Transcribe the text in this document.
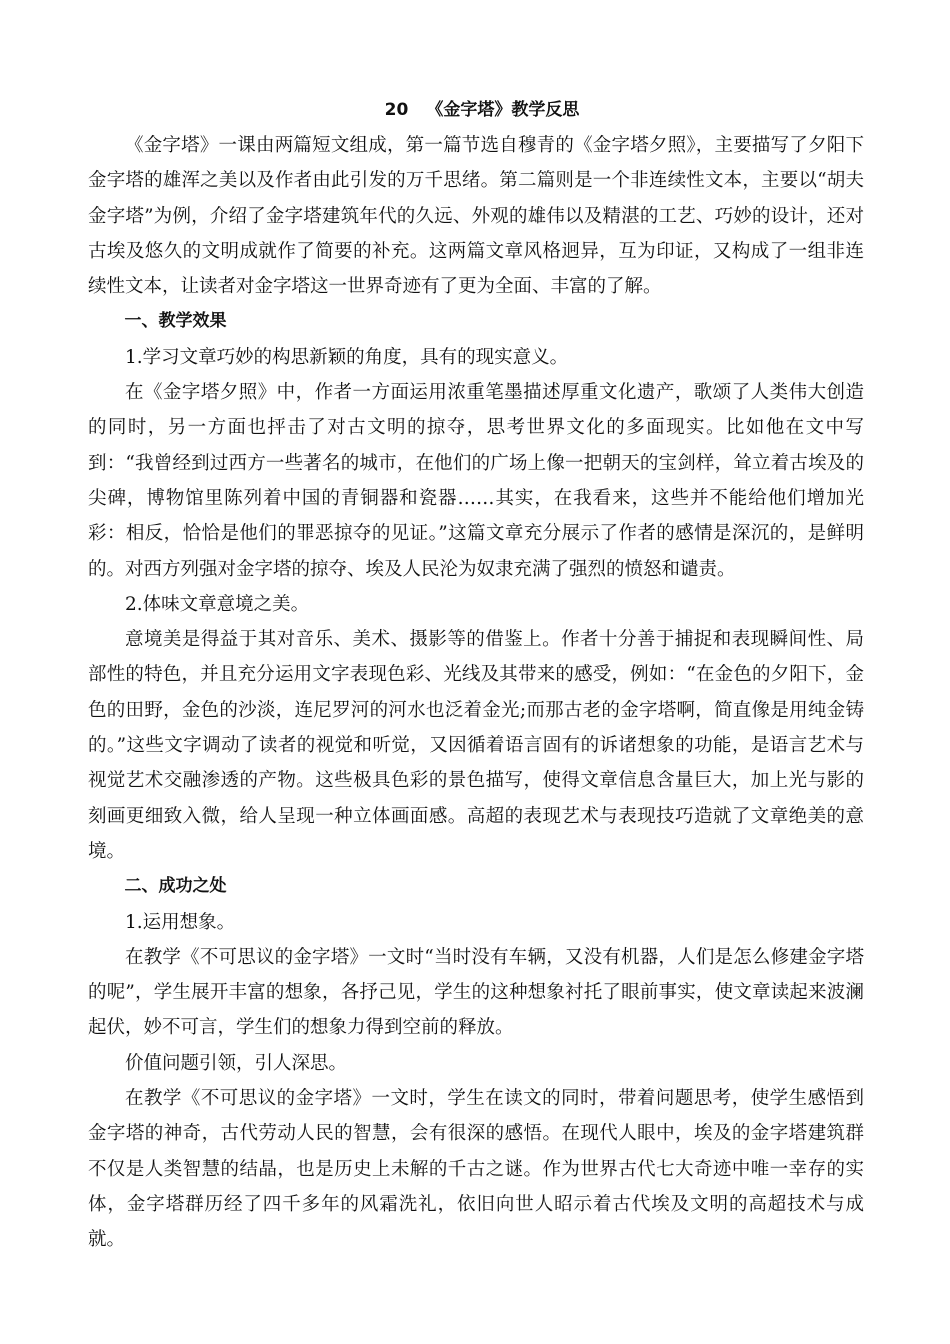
20 《金字塔》教学反思

《金字塔》一课由两篇短文组成，第一篇节选自穆青的《金字塔夕照》，主要描写了夕阳下金字塔的雄浑之美以及作者由此引发的万千思绪。第二篇则是一个非连续性文本，主要以“胡夫金字塔”为例，介绍了金字塔建筑年代的久远、外观的雄伟以及精湛的工艺、巧妙的设计，还对古埃及悠久的文明成就作了简要的补充。这两篇文章风格迥异，互为印证，又构成了一组非连续性文本，让读者对金字塔这一世界奇迹有了更为全面、丰富的了解。

一、教学效果

1.学习文章巧妙的构思新颖的角度，具有的现实意义。

在《金字塔夕照》中，作者一方面运用浓重笔墨描述厚重文化遗产，歌颂了人类伟大创造的同时，另一方面也抨击了对古文明的掠夺，思考世界文化的多面现实。比如他在文中写到：“我曾经到过西方一些著名的城市，在他们的广场上像一把朝天的宝剑样，耸立着古埃及的尖碑，博物馆里陈列着中国的青铜器和瓷器……其实，在我看来，这些并不能给他们增加光彩：相反，恰恰是他们的罪恶掠夺的见证。”这篇文章充分展示了作者的感情是深沉的，是鲜明的。对西方列强对金字塔的掠夺、埃及人民沦为奴隶充满了强烈的愤怒和谴责。

2.体味文章意境之美。

意境美是得益于其对音乐、美术、摄影等的借鉴上。作者十分善于捕捉和表现瞬间性、局部性的特色，并且充分运用文字表现色彩、光线及其带来的感受，例如：“在金色的夕阳下，金色的田野，金色的沙淡，连尼罗河的河水也泛着金光;而那古老的金字塔啊，简直像是用纯金铸的。”这些文字调动了读者的视觉和听觉，又因循着语言固有的诉诸想象的功能，是语言艺术与视觉艺术交融渗透的产物。这些极具色彩的景色描写，使得文章信息含量巨大，加上光与影的刻画更细致入微，给人呈现一种立体画面感。高超的表现艺术与表现技巧造就了文章绝美的意境。

二、成功之处

1.运用想象。

在教学《不可思议的金字塔》一文时“当时没有车辆，又没有机器，人们是怎么修建金字塔的呢”，学生展开丰富的想象，各抒己见，学生的这种想象衬托了眼前事实，使文章读起来波澜起伏，妙不可言，学生们的想象力得到空前的释放。

价值问题引领，引人深思。

在教学《不可思议的金字塔》一文时，学生在读文的同时，带着问题思考，使学生感悟到金字塔的神奇，古代劳动人民的智慧，会有很深的感悟。在现代人眼中，埃及的金字塔建筑群不仅是人类智慧的结晶，也是历史上未解的千古之谜。作为世界古代七大奇迹中唯一幸存的实体，金字塔群历经了四千多年的风霜洗礼，依旧向世人昭示着古代埃及文明的高超技术与成就。
